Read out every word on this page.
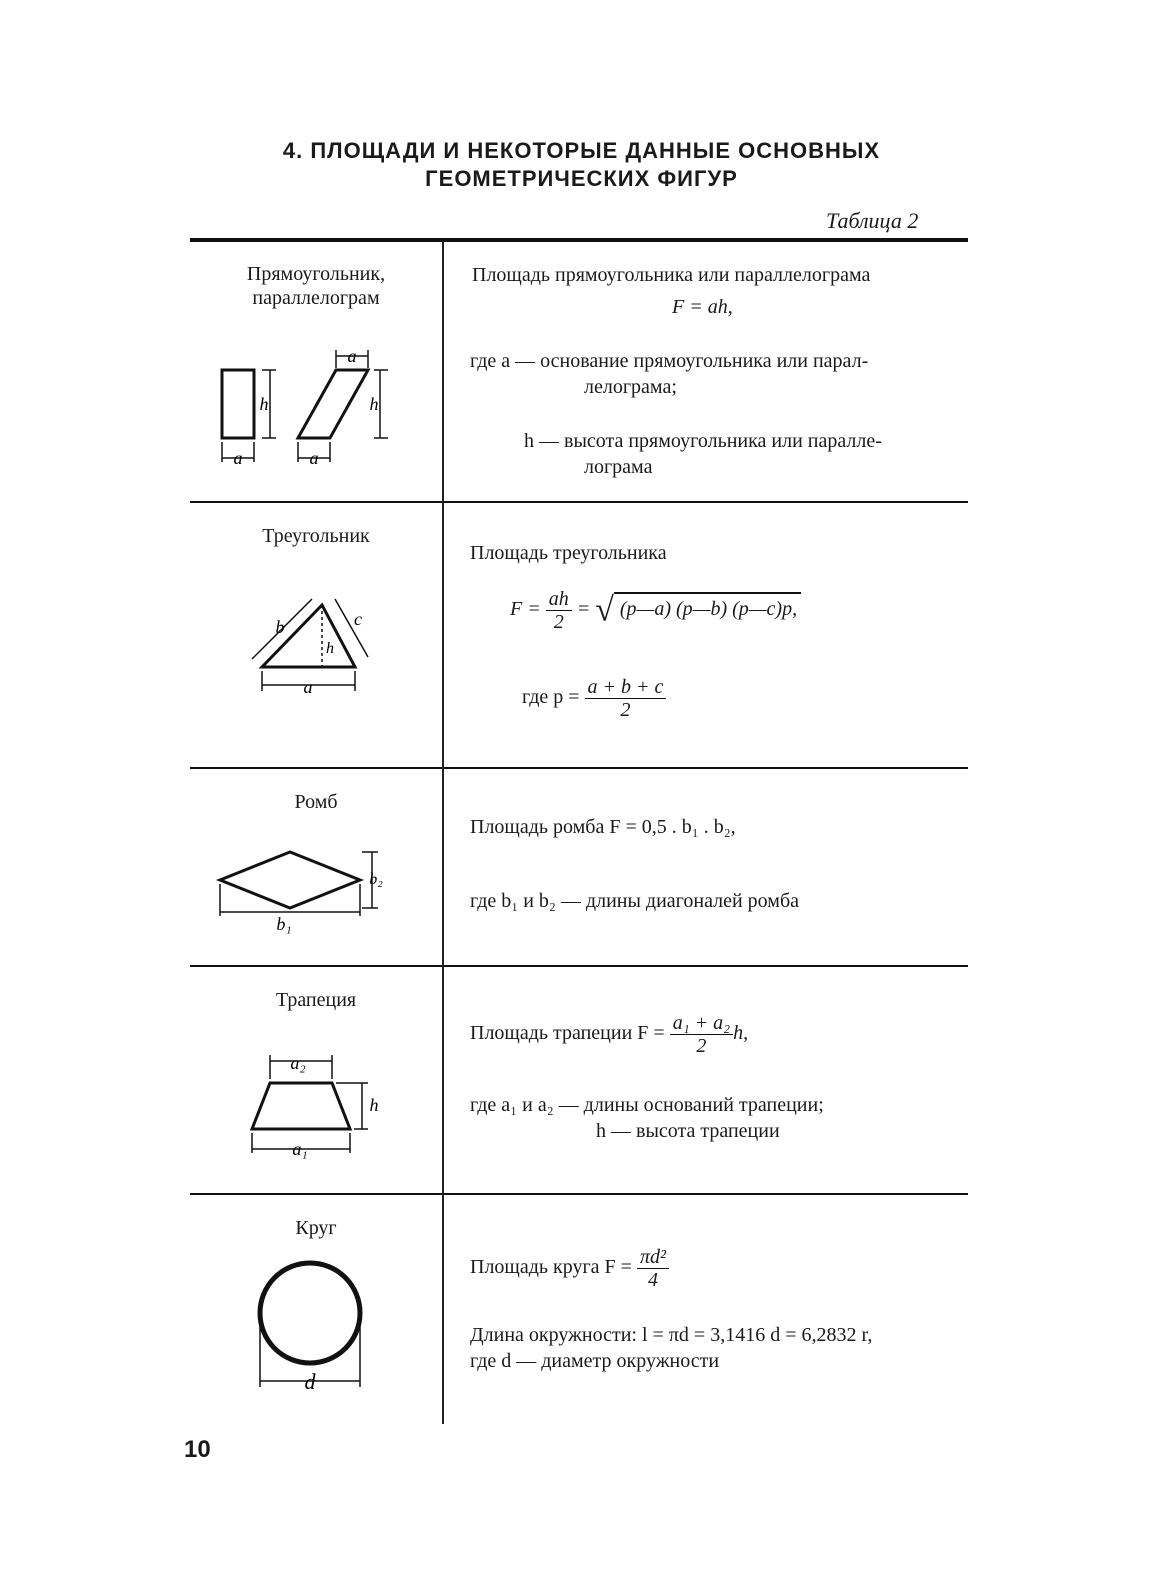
4. ПЛОЩАДИ И НЕКОТОРЫЕ ДАННЫЕ ОСНОВНЫХ
ГЕОМЕТРИЧЕСКИХ ФИГУР
Таблица 2
Прямоугольник,
параллелограм
a
h
a
h
a
Площадь прямоугольника или параллелограма
F = ah,
где a — основание прямоугольника или парал-
лелограма;
h — высота прямоугольника или паралле-
лограма
Треугольник
a
b	c
h
Площадь треугольника
$F = \frac{ah}{2}$ = √ (p—a) (p—b) (p—c)p,
где $p = \frac{a + b + c}{2}$
Ромб
b₁
b₂
Площадь ромба F = 0,5 . b₁ . b₂,
где b₁ и b₂ — длины диагоналей ромба
Трапеция
a₂
a₁
h
Площадь трапеции $F = \frac{\text{a₁ + a₂}}{2} h$,
где a₁ и a₂ — длины оснований трапеции;
h — высота трапеции
Круг
d
Площадь круга $F = \frac{\text{πd²}}{4}$
Длина окружности: l = πd = 3,1416 d = 6,2832 r,
где d — диаметр окружности
10
